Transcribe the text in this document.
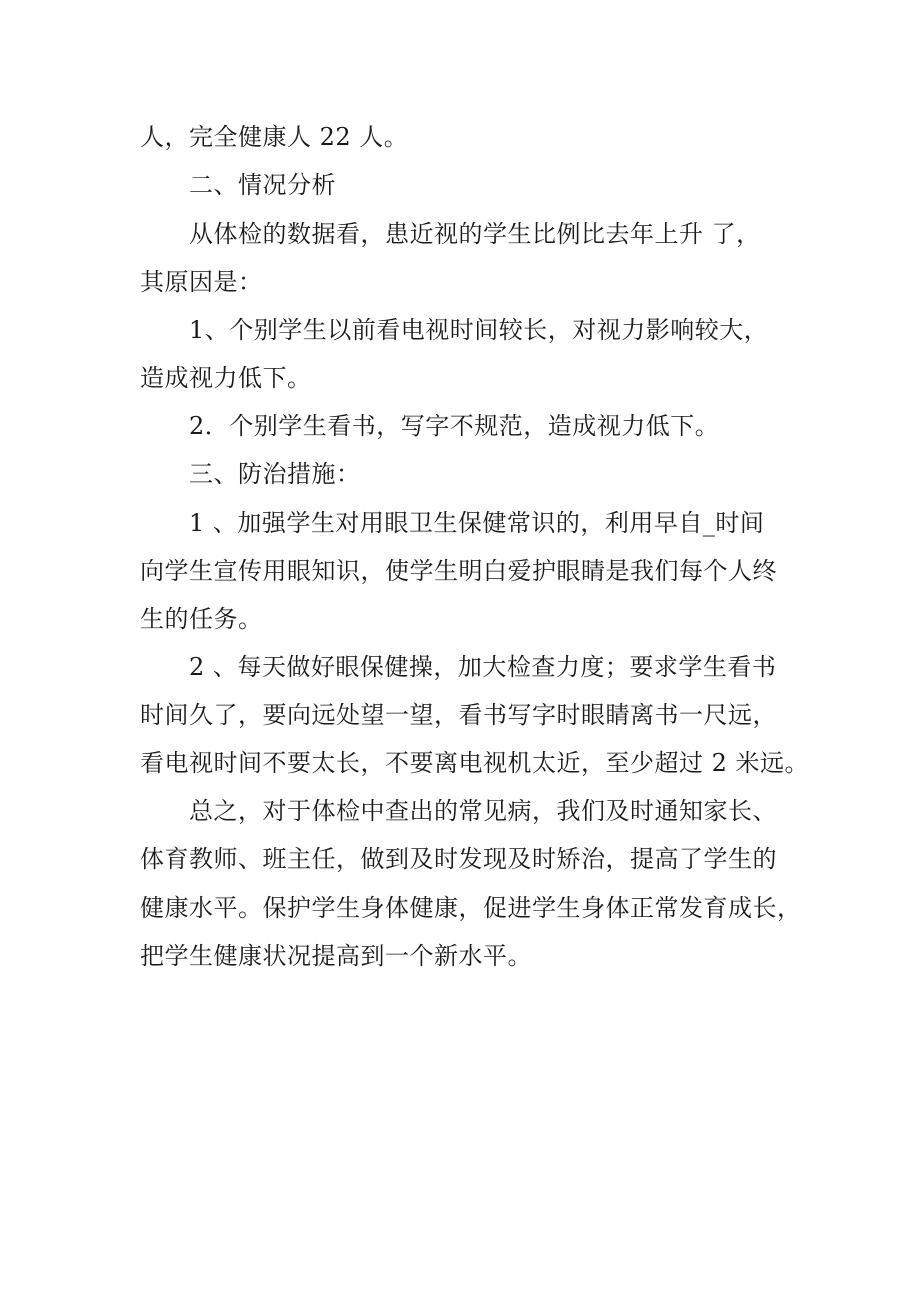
人，完全健康人 22 人。
二、情况分析
从体检的数据看，患近视的学生比例比去年上升 了，
其原因是：
1、个别学生以前看电视时间较长，对视力影响较大，
造成视力低下。
2．个别学生看书，写字不规范，造成视力低下。
三、防治措施：
1 、加强学生对用眼卫生保健常识的，利用早自_时间
向学生宣传用眼知识，使学生明白爱护眼睛是我们每个人终
生的任务。
2 、每天做好眼保健操，加大检查力度；要求学生看书
时间久了，要向远处望一望，看书写字时眼睛离书一尺远，
看电视时间不要太长，不要离电视机太近，至少超过 2 米远。
总之，对于体检中查出的常见病，我们及时通知家长、
体育教师、班主任，做到及时发现及时矫治，提高了学生的
健康水平。保护学生身体健康，促进学生身体正常发育成长，
把学生健康状况提高到一个新水平。
